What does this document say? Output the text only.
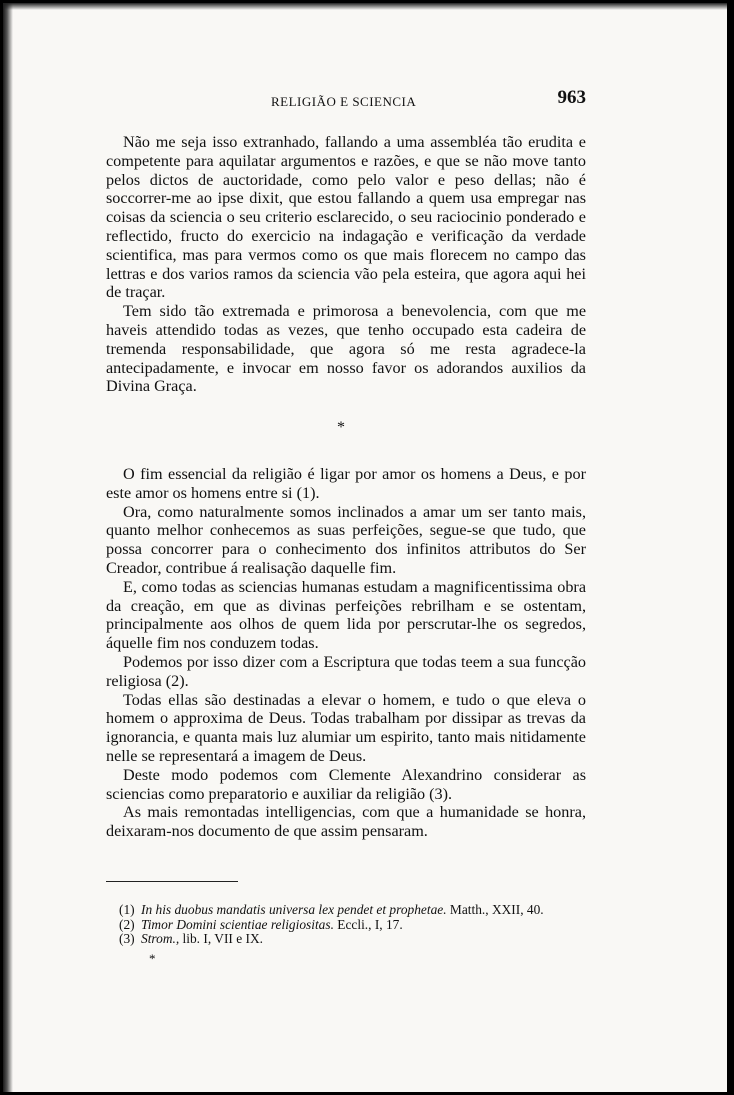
RELIGIÃO E SCIENCIA	963

Não me seja isso extranhado, fallando a uma assembléa tão erudita e competente para aquilatar argumentos e razões, e que se não move tanto pelos dictos de auctoridade, como pelo valor e peso dellas; não é soccorrer-me ao ipse dixit, que estou fallando a quem usa empregar nas coisas da sciencia o seu criterio esclarecido, o seu raciocinio ponderado e reflectido, fructo do exercicio na indagação e verificação da verdade scientifica, mas para vermos como os que mais florecem no campo das lettras e dos varios ramos da sciencia vão pela esteira, que agora aqui hei de traçar.

Tem sido tão extremada e primorosa a benevolencia, com que me haveis attendido todas as vezes, que tenho occupado esta cadeira de tremenda responsabilidade, que agora só me resta agradece-la antecipadamente, e invocar em nosso favor os adorandos auxilios da Divina Graça.

*

O fim essencial da religião é ligar por amor os homens a Deus, e por este amor os homens entre si (1).

Ora, como naturalmente somos inclinados a amar um ser tanto mais, quanto melhor conhecemos as suas perfeições, segue-se que tudo, que possa concorrer para o conhecimento dos infinitos attributos do Ser Creador, contribue á realisação daquelle fim.

E, como todas as sciencias humanas estudam a magnificentissima obra da creação, em que as divinas perfeições rebrilham e se ostentam, principalmente aos olhos de quem lida por perscrutar-lhe os segredos, áquelle fim nos conduzem todas.

Podemos por isso dizer com a Escriptura que todas teem a sua funcção religiosa (2).

Todas ellas são destinadas a elevar o homem, e tudo o que eleva o homem o approxima de Deus. Todas trabalham por dissipar as trevas da ignorancia, e quanta mais luz alumiar um espirito, tanto mais nitidamente nelle se representará a imagem de Deus.

Deste modo podemos com Clemente Alexandrino considerar as sciencias como preparatorio e auxiliar da religião (3).

As mais remontadas intelligencias, com que a humanidade se honra, deixaram-nos documento de que assim pensaram.

(1) In his duobus mandatis universa lex pendet et prophetae. Matth., XXII, 40.
(2) Timor Domini scientiae religiositas. Eccli., I, 17.
(3) Strom., lib. I, VII e IX.
*
